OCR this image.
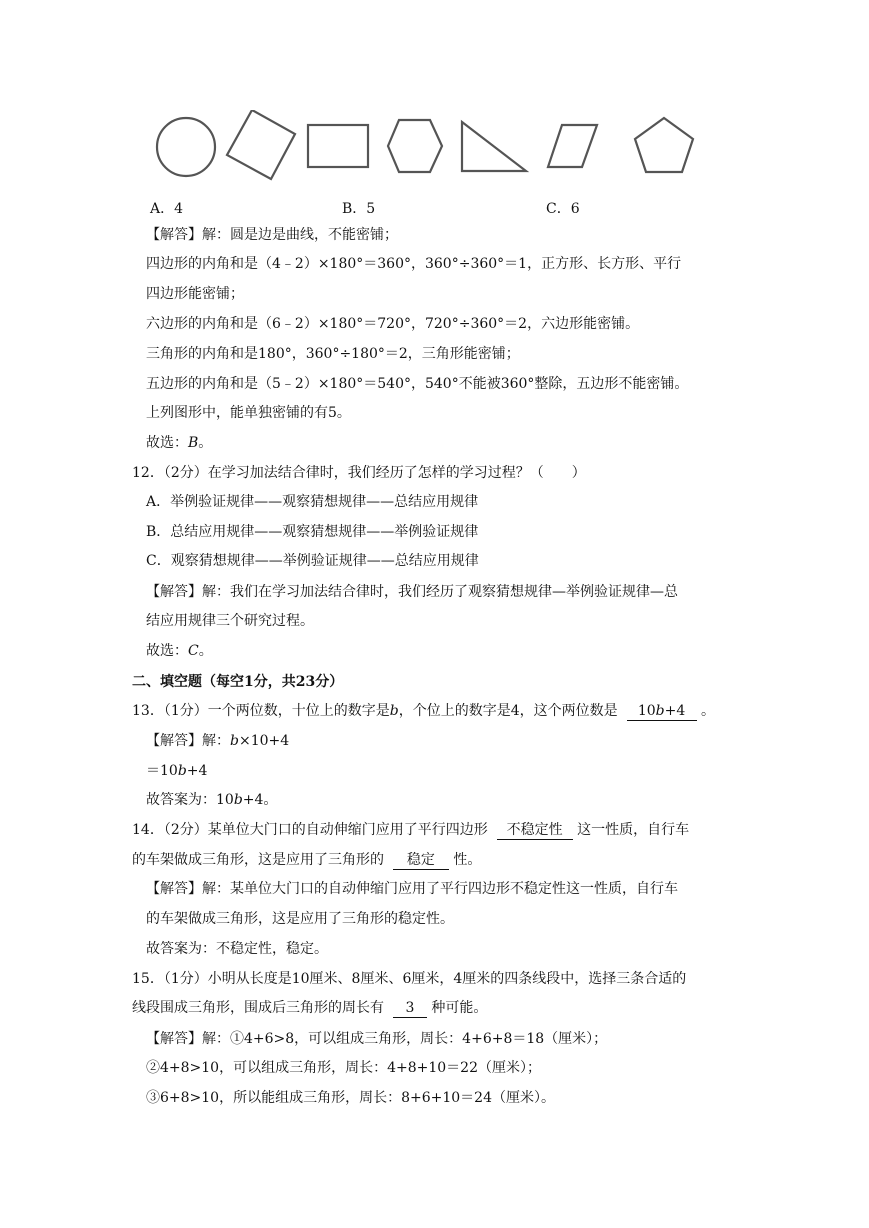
A．4	B．5	C．6
【解答】解：圆是边是曲线，不能密铺；
四边形的内角和是（4﹣2）×180°＝360°，360°÷360°＝1，正方形、长方形、平行
四边形能密铺；
六边形的内角和是（6﹣2）×180°＝720°，720°÷360°＝2，六边形能密铺。
三角形的内角和是180°，360°÷180°＝2，三角形能密铺；
五边形的内角和是（5﹣2）×180°＝540°，540°不能被360°整除，五边形不能密铺。
上列图形中，能单独密铺的有5。
故选：B。
12．（2分）在学习加法结合律时，我们经历了怎样的学习过程？（　　）
A．举例验证规律——观察猜想规律——总结应用规律
B．总结应用规律——观察猜想规律——举例验证规律
C．观察猜想规律——举例验证规律——总结应用规律
【解答】解：我们在学习加法结合律时，我们经历了观察猜想规律—举例验证规律—总
结应用规律三个研究过程。
故选：C。
二、填空题（每空1分，共23分）
13．（1分）一个两位数，十位上的数字是b，个位上的数字是4，这个两位数是 10b+4 。
【解答】解：b×10+4
＝10b+4
故答案为：10b+4。
14．（2分）某单位大门口的自动伸缩门应用了平行四边形 不稳定性 这一性质，自行车
的车架做成三角形，这是应用了三角形的 稳定 性。
【解答】解：某单位大门口的自动伸缩门应用了平行四边形不稳定性这一性质，自行车
的车架做成三角形，这是应用了三角形的稳定性。
故答案为：不稳定性，稳定。
15．（1分）小明从长度是10厘米、8厘米、6厘米，4厘米的四条线段中，选择三条合适的
线段围成三角形，围成后三角形的周长有 3 种可能。
【解答】解：①4+6>8，可以组成三角形，周长：4+6+8＝18（厘米）；
②4+8>10，可以组成三角形，周长：4+8+10＝22（厘米）；
③6+8>10，所以能组成三角形，周长：8+6+10＝24（厘米）。
